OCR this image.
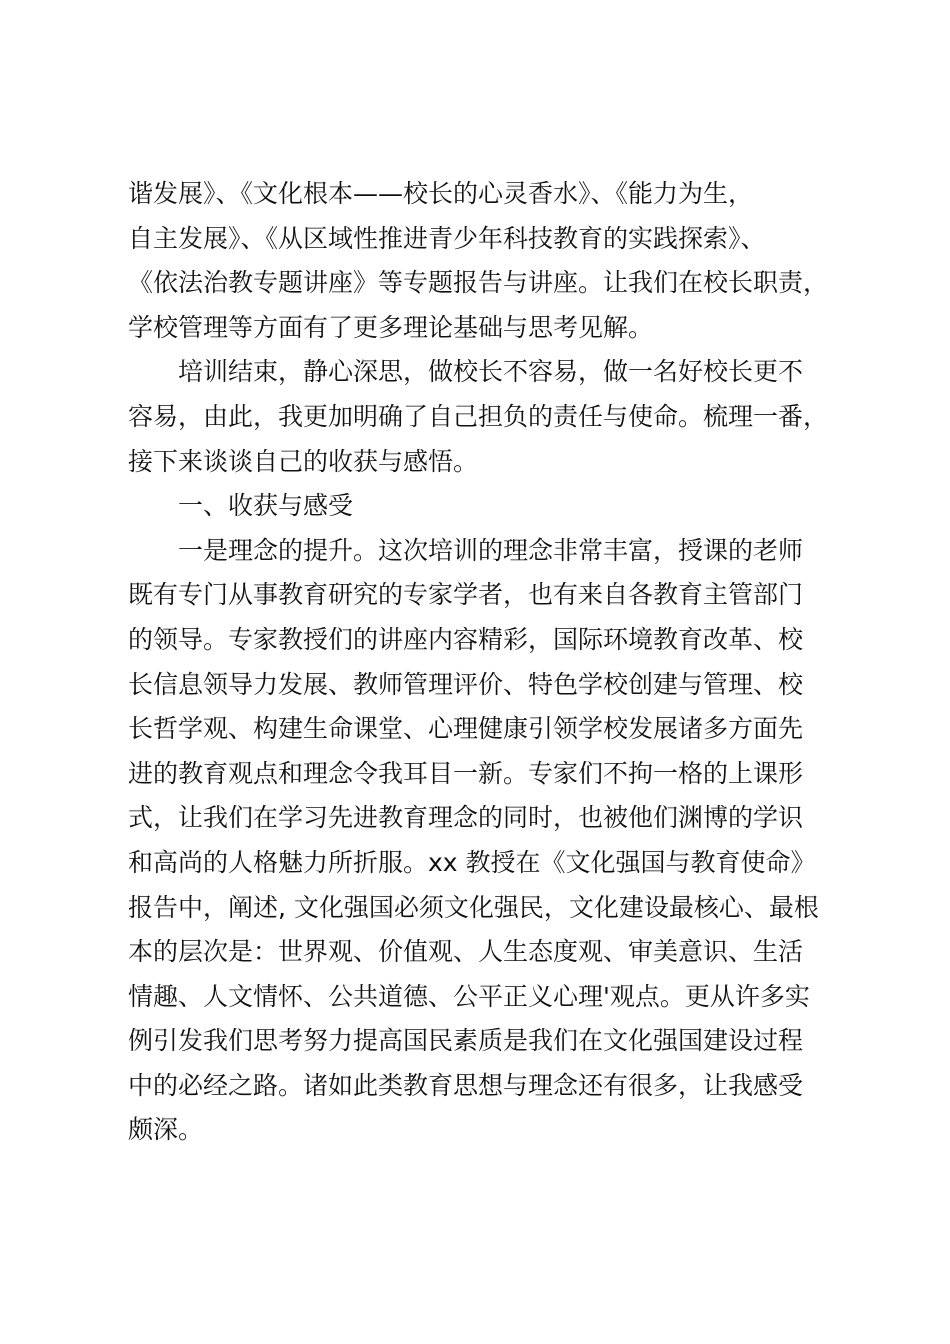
谐发展》、《文化根本——校长的心灵香水》、《能力为生，
自主发展》、《从区域性推进青少年科技教育的实践探索》、
《依法治教专题讲座》等专题报告与讲座。让我们在校长职责，
学校管理等方面有了更多理论基础与思考见解。
培训结束，静心深思，做校长不容易，做一名好校长更不
容易，由此，我更加明确了自己担负的责任与使命。梳理一番，
接下来谈谈自己的收获与感悟。
一、收获与感受
一是理念的提升。这次培训的理念非常丰富，授课的老师
既有专门从事教育研究的专家学者，也有来自各教育主管部门
的领导。专家教授们的讲座内容精彩，国际环境教育改革、校
长信息领导力发展、教师管理评价、特色学校创建与管理、校
长哲学观、构建生命课堂、心理健康引领学校发展诸多方面先
进的教育观点和理念令我耳目一新。专家们不拘一格的上课形
式，让我们在学习先进教育理念的同时，也被他们渊博的学识
和高尚的人格魅力所折服。xx 教授在《文化强国与教育使命》
报告中，阐述, 文化强国必须文化强民，文化建设最核心、最根
本的层次是：世界观、价值观、人生态度观、审美意识、生活
情趣、人文情怀、公共道德、公平正义心理'观点。更从许多实
例引发我们思考努力提高国民素质是我们在文化强国建设过程
中的必经之路。诸如此类教育思想与理念还有很多，让我感受
颇深。
